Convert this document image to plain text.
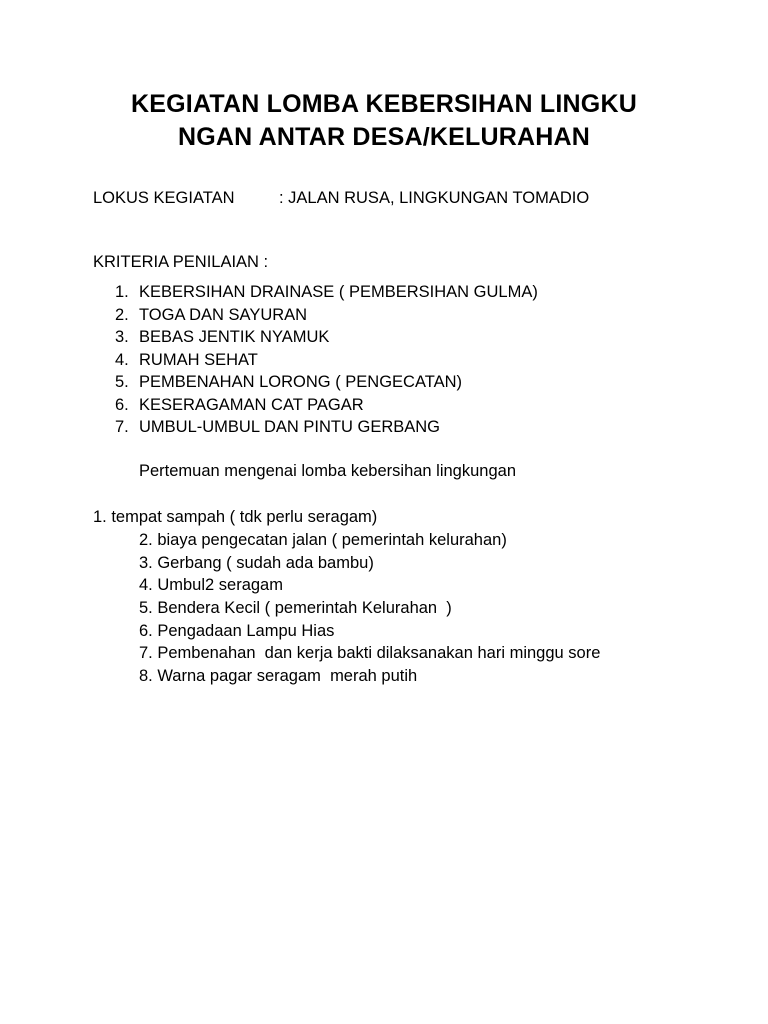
KEGIATAN LOMBA KEBERSIHAN LINGKU
NGAN ANTAR DESA/KELURAHAN
LOKUS KEGIATAN	: JALAN RUSA, LINGKUNGAN TOMADIO
KRITERIA PENILAIAN :
1. KEBERSIHAN DRAINASE ( PEMBERSIHAN GULMA)
2. TOGA DAN SAYURAN
3. BEBAS JENTIK NYAMUK
4. RUMAH SEHAT
5. PEMBENAHAN LORONG ( PENGECATAN)
6. KESERAGAMAN CAT PAGAR
7. UMBUL-UMBUL DAN PINTU GERBANG
Pertemuan mengenai lomba kebersihan lingkungan
1. tempat sampah ( tdk perlu seragam)
2. biaya pengecatan jalan ( pemerintah kelurahan)
3. Gerbang ( sudah ada bambu)
4. Umbul2 seragam
5. Bendera Kecil ( pemerintah Kelurahan  )
6. Pengadaan Lampu Hias
7. Pembenahan  dan kerja bakti dilaksanakan hari minggu sore
8. Warna pagar seragam  merah putih
